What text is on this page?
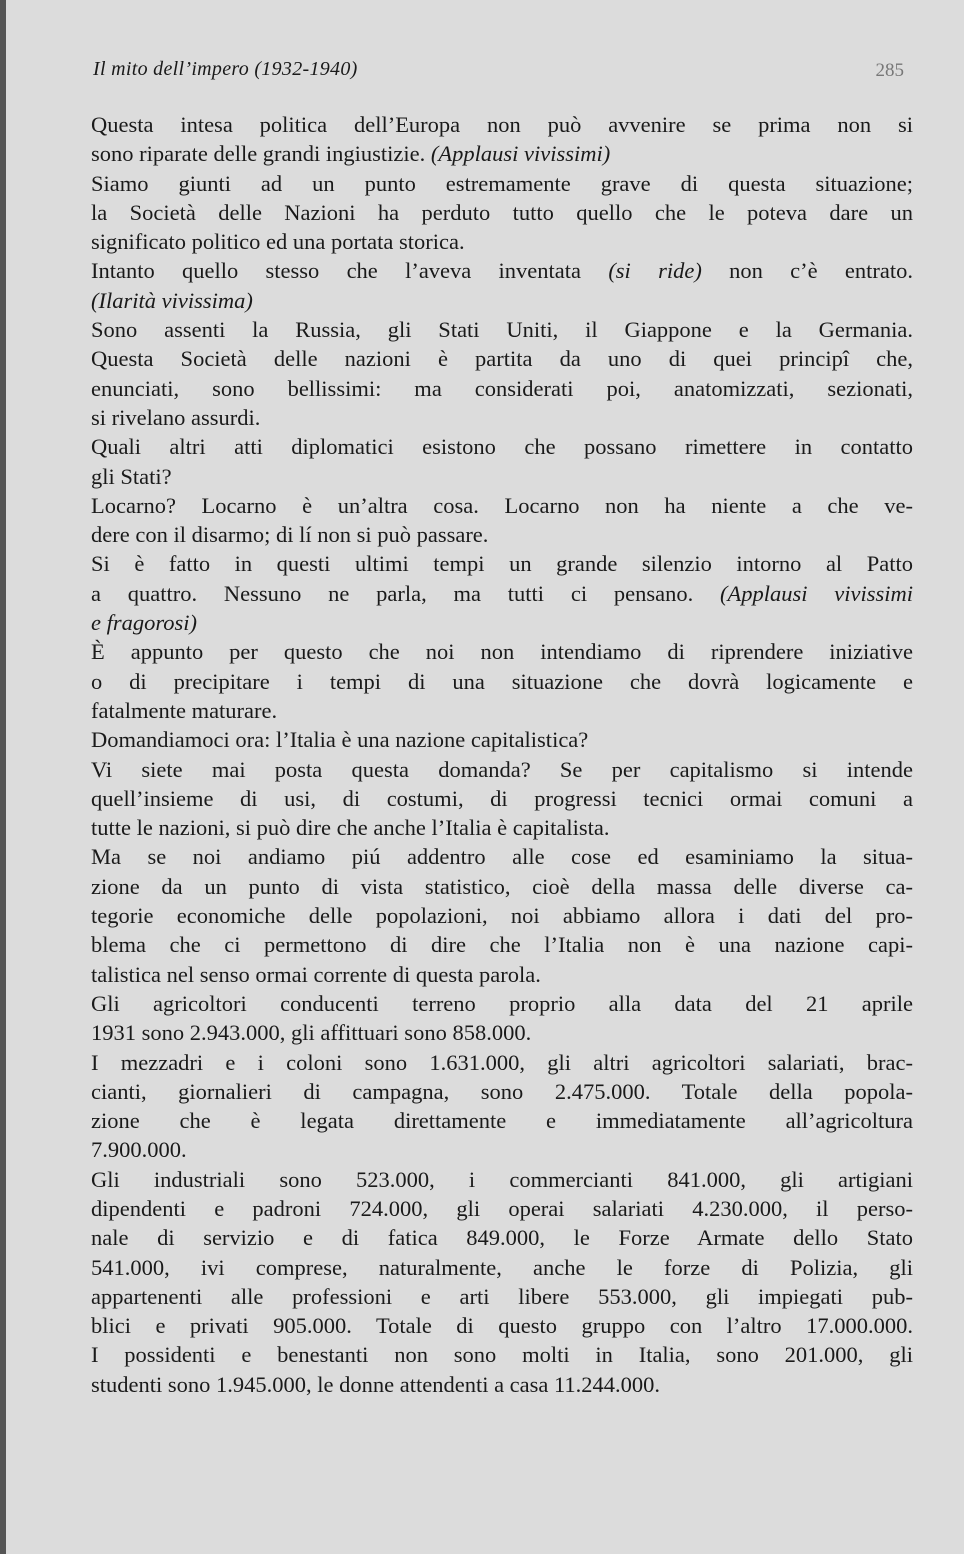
Il mito dell’impero (1932-1940)	285
Questa intesa politica dell’Europa non può avvenire se prima non si
sono riparate delle grandi ingiustizie. (Applausi vivissimi)
Siamo giunti ad un punto estremamente grave di questa situazione;
la Società delle Nazioni ha perduto tutto quello che le poteva dare un
significato politico ed una portata storica.
Intanto quello stesso che l’aveva inventata (si ride) non c’è entrato.
(Ilarità vivissima)
Sono assenti la Russia, gli Stati Uniti, il Giappone e la Germania.
Questa Società delle nazioni è partita da uno di quei principî che,
enunciati, sono bellissimi: ma considerati poi, anatomizzati, sezionati,
si rivelano assurdi.
Quali altri atti diplomatici esistono che possano rimettere in contatto
gli Stati?
Locarno? Locarno è un’altra cosa. Locarno non ha niente a che ve-
dere con il disarmo; di lí non si può passare.
Si è fatto in questi ultimi tempi un grande silenzio intorno al Patto
a quattro. Nessuno ne parla, ma tutti ci pensano. (Applausi vivissimi
e fragorosi)
È appunto per questo che noi non intendiamo di riprendere iniziative
o di precipitare i tempi di una situazione che dovrà logicamente e
fatalmente maturare.
Domandiamoci ora: l’Italia è una nazione capitalistica?
Vi siete mai posta questa domanda? Se per capitalismo si intende
quell’insieme di usi, di costumi, di progressi tecnici ormai comuni a
tutte le nazioni, si può dire che anche l’Italia è capitalista.
Ma se noi andiamo piú addentro alle cose ed esaminiamo la situa-
zione da un punto di vista statistico, cioè della massa delle diverse ca-
tegorie economiche delle popolazioni, noi abbiamo allora i dati del pro-
blema che ci permettono di dire che l’Italia non è una nazione capi-
talistica nel senso ormai corrente di questa parola.
Gli agricoltori conducenti terreno proprio alla data del 21 aprile
1931 sono 2.943.000, gli affittuari sono 858.000.
I mezzadri e i coloni sono 1.631.000, gli altri agricoltori salariati, brac-
cianti, giornalieri di campagna, sono 2.475.000. Totale della popola-
zione che è legata direttamente e immediatamente all’agricoltura
7.900.000.
Gli industriali sono 523.000, i commercianti 841.000, gli artigiani
dipendenti e padroni 724.000, gli operai salariati 4.230.000, il perso-
nale di servizio e di fatica 849.000, le Forze Armate dello Stato
541.000, ivi comprese, naturalmente, anche le forze di Polizia, gli
appartenenti alle professioni e arti libere 553.000, gli impiegati pub-
blici e privati 905.000. Totale di questo gruppo con l’altro 17.000.000.
I possidenti e benestanti non sono molti in Italia, sono 201.000, gli
studenti sono 1.945.000, le donne attendenti a casa 11.244.000.
